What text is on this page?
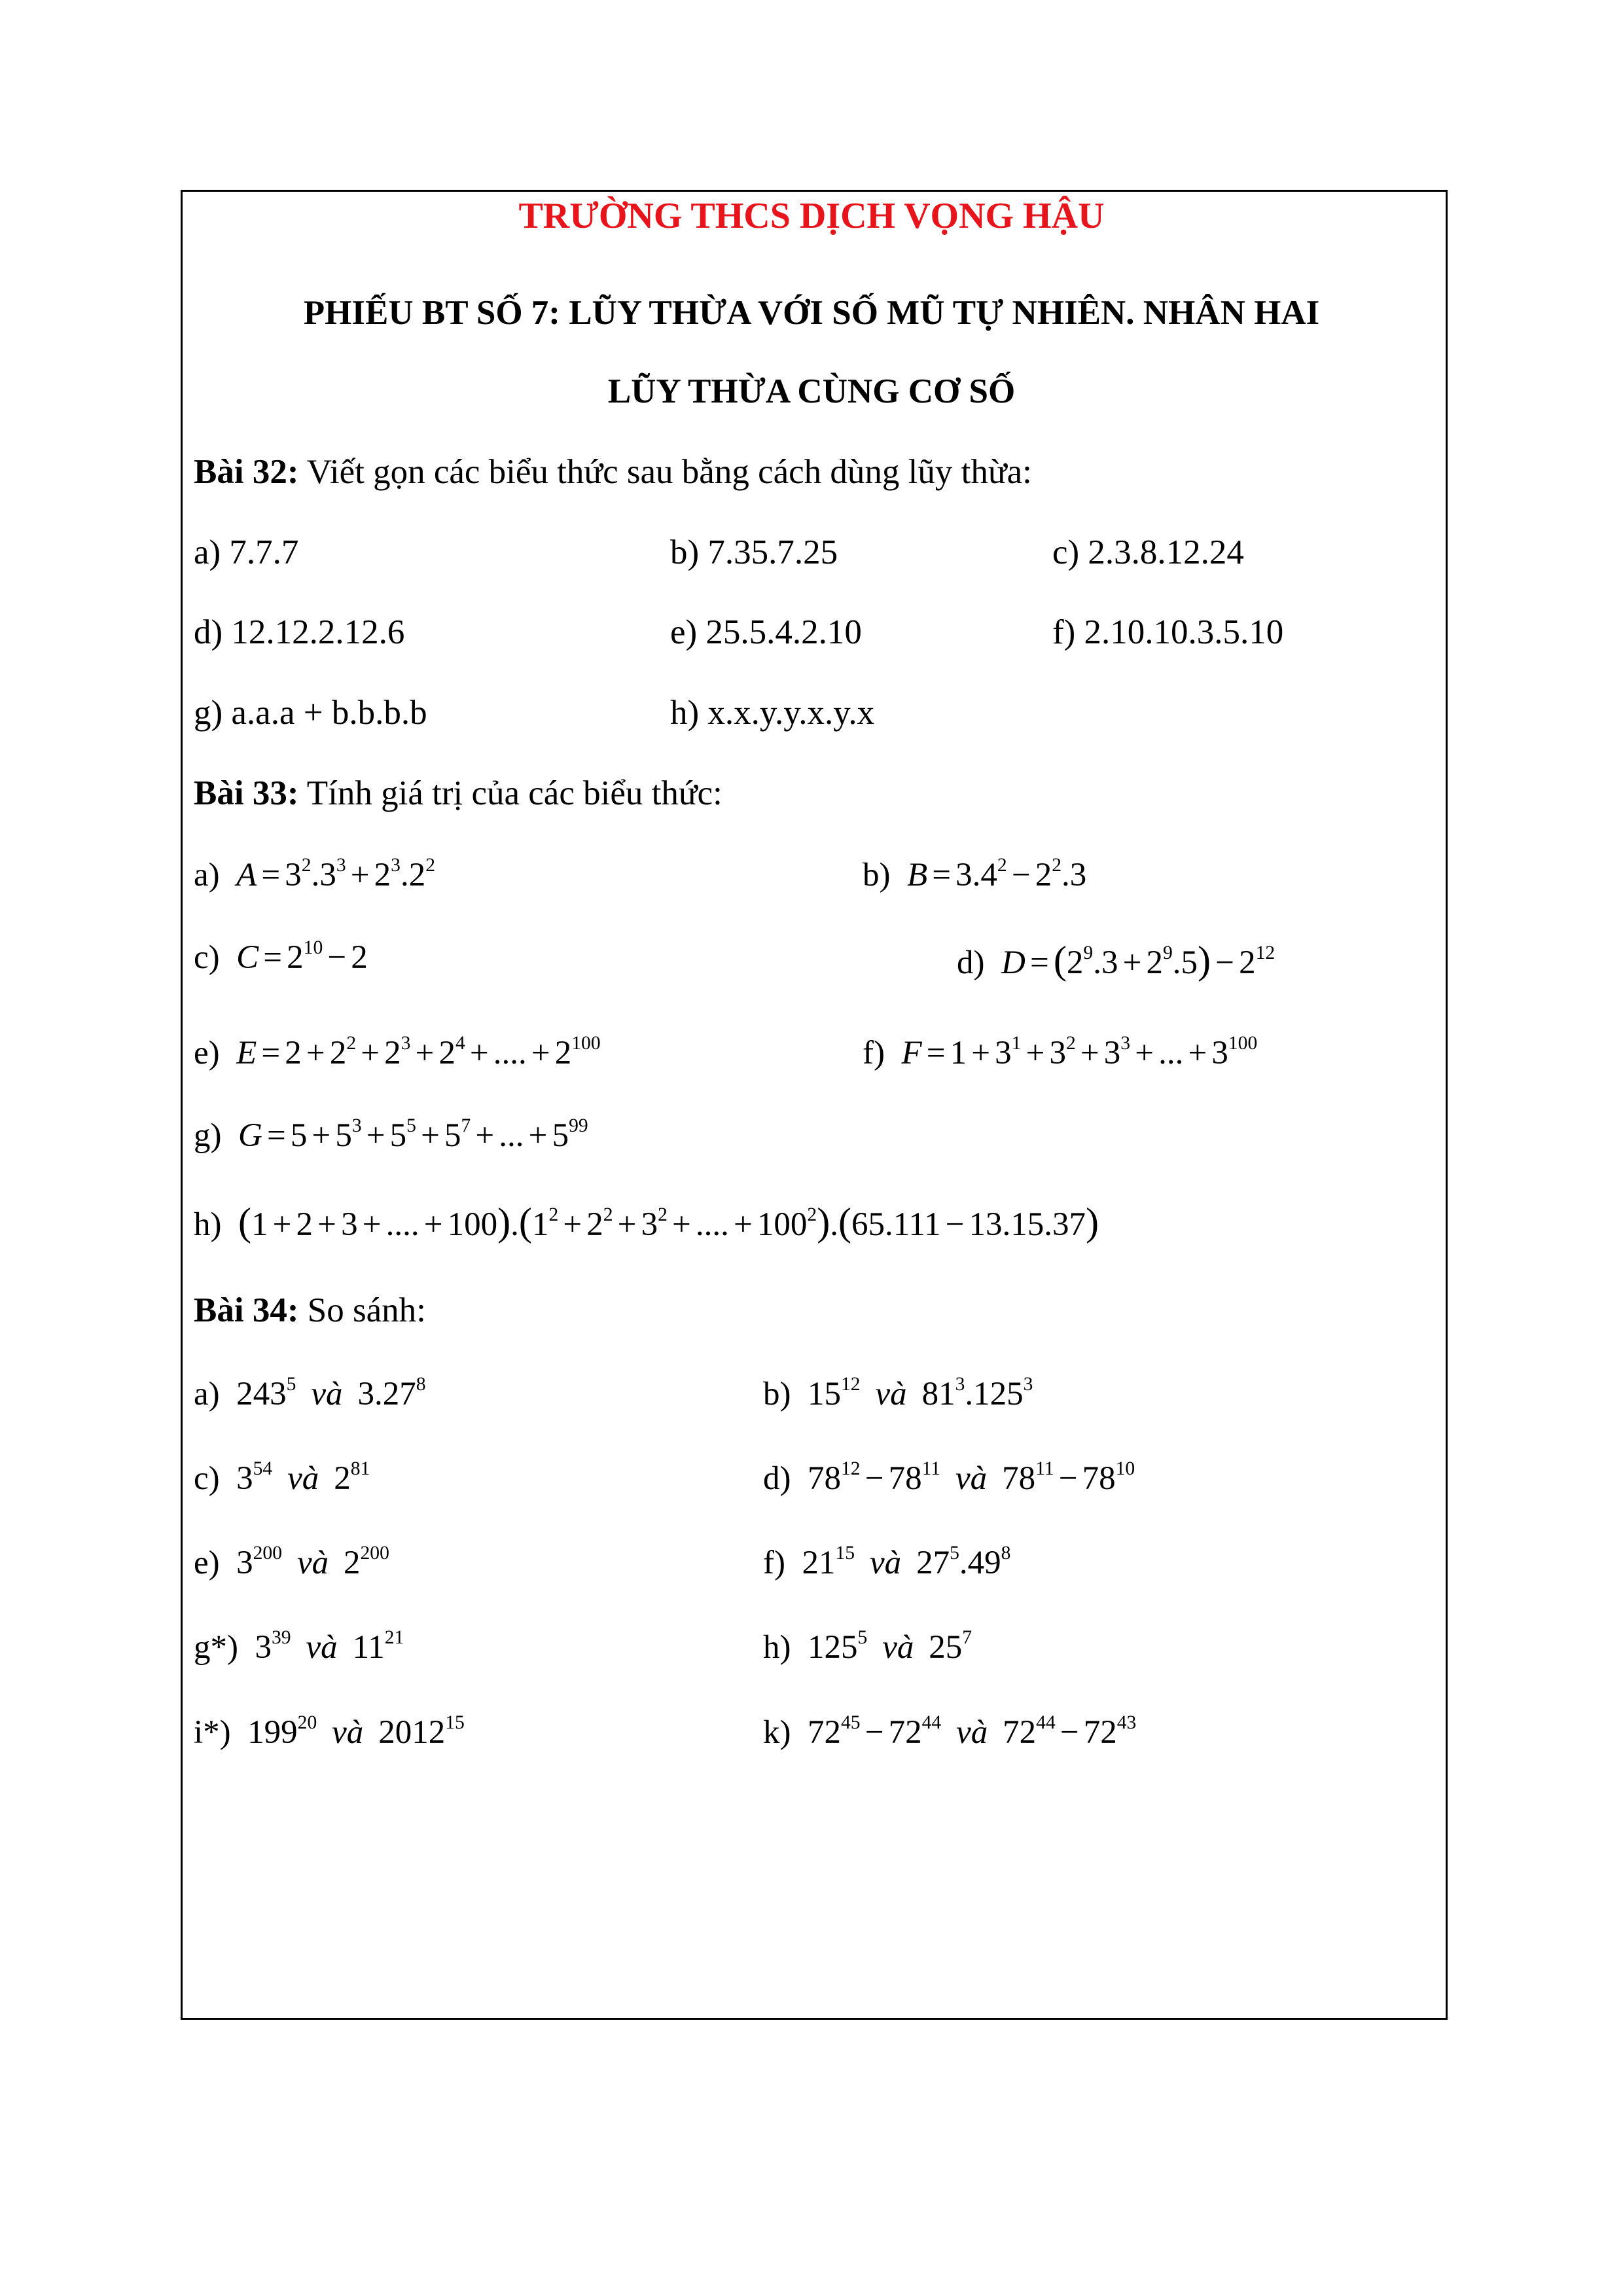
TRƯỜNG THCS DỊCH VỌNG HẬU
PHIẾU BT SỐ 7: LŨY THỪA VỚI SỐ MŨ TỰ NHIÊN. NHÂN HAI
LŨY THỪA CÙNG CƠ SỐ
Bài 32: Viết gọn các biểu thức sau bằng cách dùng lũy thừa:
a) 7.7.7	b) 7.35.7.25	c) 2.3.8.12.24
d) 12.12.2.12.6	e) 25.5.4.2.10	f) 2.10.10.3.5.10
g) a.a.a + b.b.b.b	h) x.x.y.y.x.y.x
Bài 33: Tính giá trị của các biểu thức:
a) $A = 3^2.3^3 + 2^3.2^2$	b) $B = 3.4^2 - 2^2.3$
c) $C = 2^{10} - 2$	d) $D = (2^9.3 + 2^9.5) - 2^{12}$
e) $E = 2 + 2^2 + 2^3 + 2^4$ + .... + $2^{100}$	f) $F = 1 + 3^1 + 3^2 + 3^3$ + ... + $3^{100}$
g) $G = 5 + 5^3 + 5^5 + 5^7$ + ... + $5^{99}$
h) (1 + 2 + 3 + .... + $100).(1^2 + 2^2 + 3^2$ + .... + $100^2).(65.111 - 13.15.37)$
Bài 34: So sánh:
a)  $243^5$ và 3.27$^8$	b)  $15^{12}$ và $81^3.125^3$
c)  $3^{54}$ và $2^{81}$	d)  $78^{12} - 78^{11}$ và $78^{11} - 78^{10}$
e)  $3^{200}$ và $2^{200}$	f)  $21^{15}$ và $27^5.49^8$
g*)  $3^{39}$ và $11^{21}$	h)  $125^5$ và $25^7$
i*)  $199^{20}$ và 2012$^{15}$	k)  $72^{45} - 72^{44}$ và $72^{44} - 72^{43}$
